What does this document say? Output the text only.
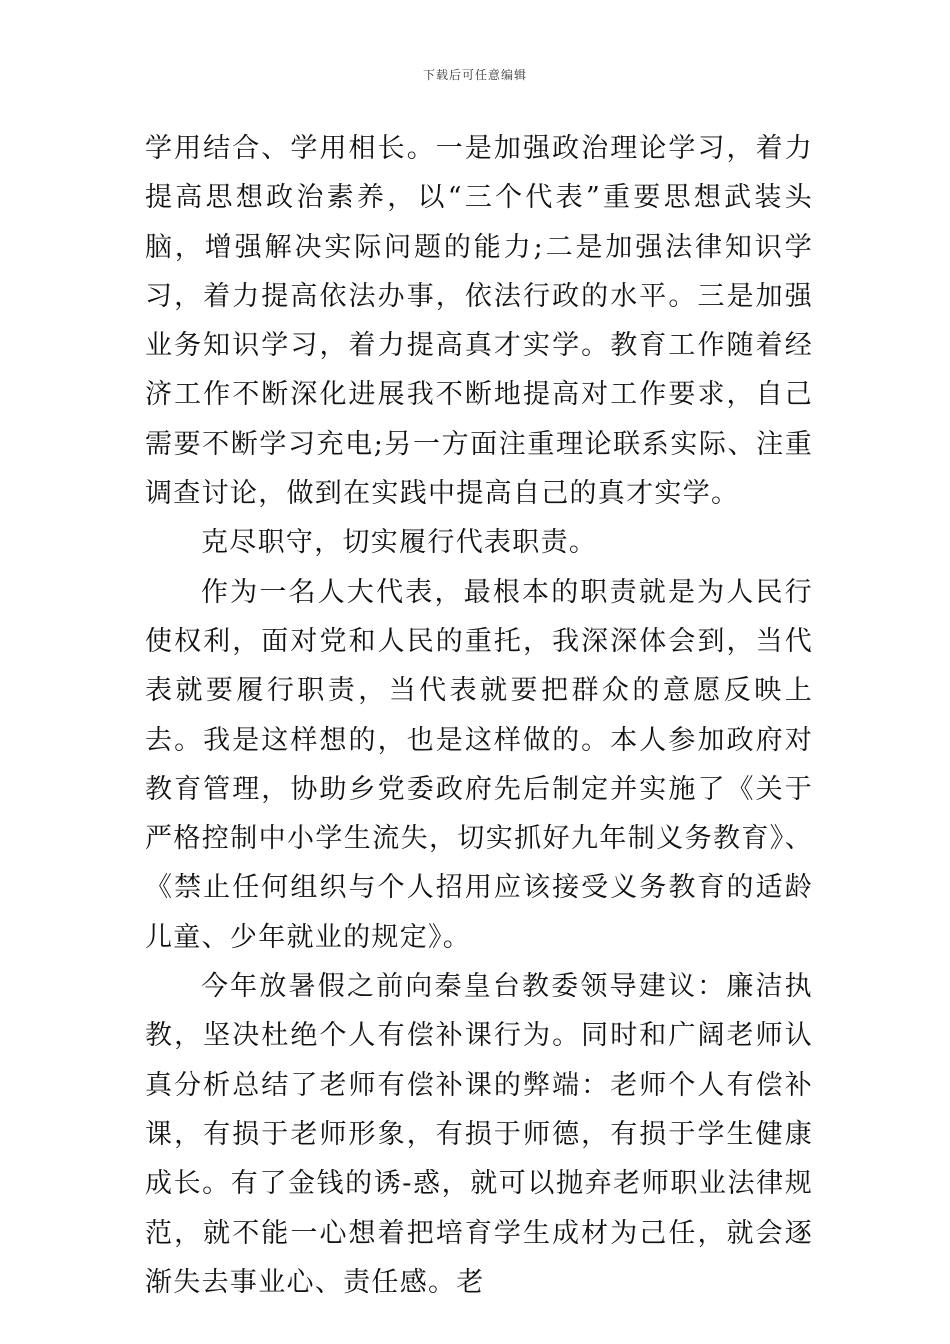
下载后可任意编辑

学用结合、学用相长。一是加强政治理论学习，着力提高思想政治素养，以“三个代表”重要思想武装头脑，增强解决实际问题的能力;二是加强法律知识学习，着力提高依法办事，依法行政的水平。三是加强业务知识学习，着力提高真才实学。教育工作随着经济工作不断深化进展我不断地提高对工作要求，自己需要不断学习充电;另一方面注重理论联系实际、注重调查讨论，做到在实践中提高自己的真才实学。

克尽职守，切实履行代表职责。

作为一名人大代表，最根本的职责就是为人民行使权利，面对党和人民的重托，我深深体会到，当代表就要履行职责，当代表就要把群众的意愿反映上去。我是这样想的，也是这样做的。本人参加政府对教育管理，协助乡党委政府先后制定并实施了《关于严格控制中小学生流失，切实抓好九年制义务教育》、《禁止任何组织与个人招用应该接受义务教育的适龄儿童、少年就业的规定》。

今年放暑假之前向秦皇台教委领导建议：廉洁执教，坚决杜绝个人有偿补课行为。同时和广阔老师认真分析总结了老师有偿补课的弊端：老师个人有偿补课，有损于老师形象，有损于师德，有损于学生健康成长。有了金钱的诱-惑，就可以抛弃老师职业法律规范，就不能一心想着把培育学生成材为己任，就会逐渐失去事业心、责任感。老
